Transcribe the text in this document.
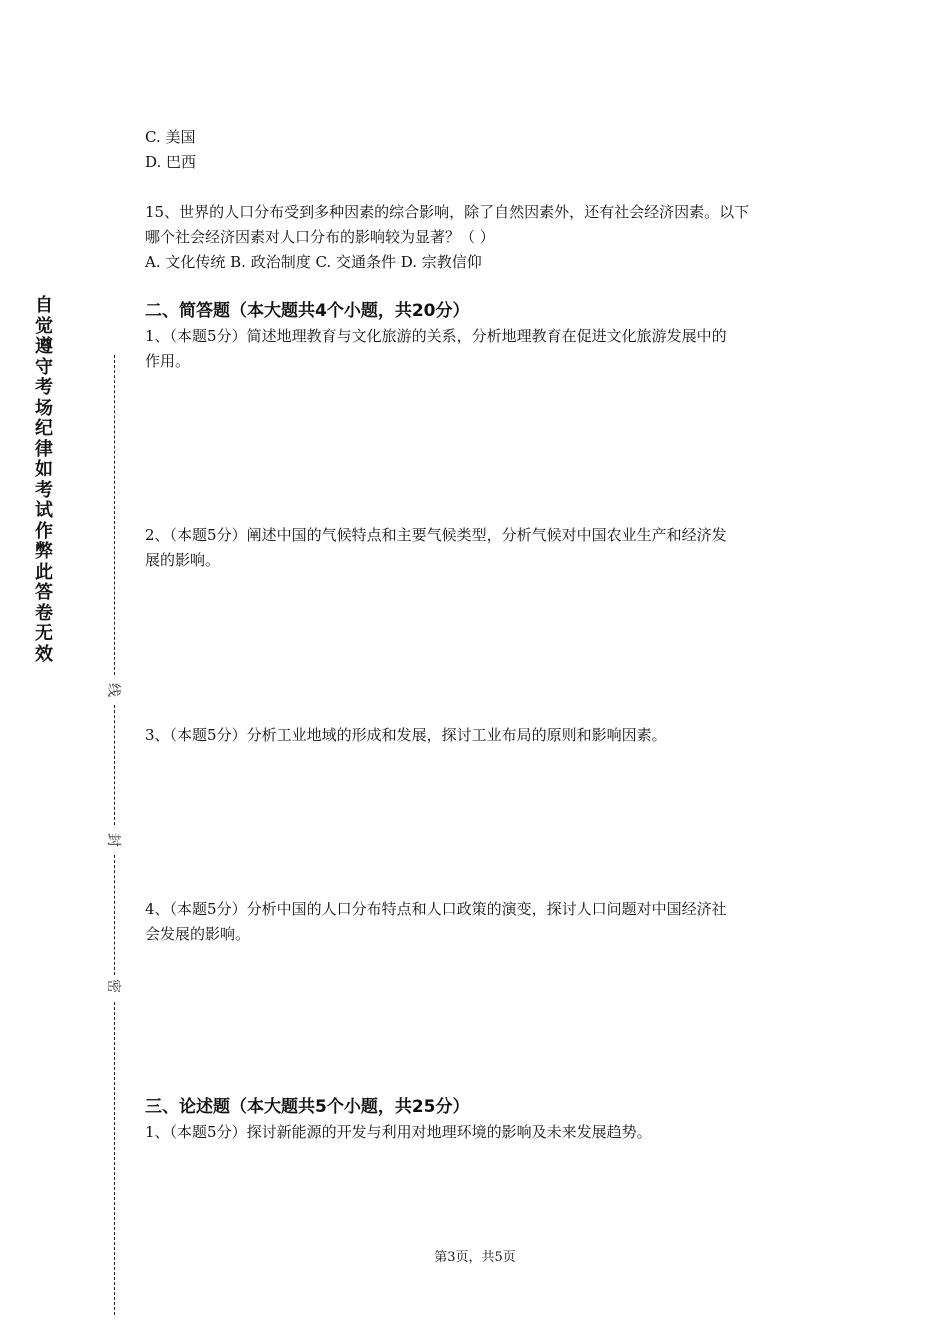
自觉遵守考场纪律如考试作弊此答卷无效
线
封
密
C. 美国
D. 巴西
15、世界的人口分布受到多种因素的综合影响，除了自然因素外，还有社会经济因素。以下
哪个社会经济因素对人口分布的影响较为显著？（ ）
A. 文化传统 B. 政治制度 C. 交通条件 D. 宗教信仰
二、简答题（本大题共4个小题，共20分）
1、（本题5分）简述地理教育与文化旅游的关系，分析地理教育在促进文化旅游发展中的
作用。
2、（本题5分）阐述中国的气候特点和主要气候类型，分析气候对中国农业生产和经济发
展的影响。
3、（本题5分）分析工业地域的形成和发展，探讨工业布局的原则和影响因素。
4、（本题5分）分析中国的人口分布特点和人口政策的演变，探讨人口问题对中国经济社
会发展的影响。
三、论述题（本大题共5个小题，共25分）
1、（本题5分）探讨新能源的开发与利用对地理环境的影响及未来发展趋势。
第3页，共5页
